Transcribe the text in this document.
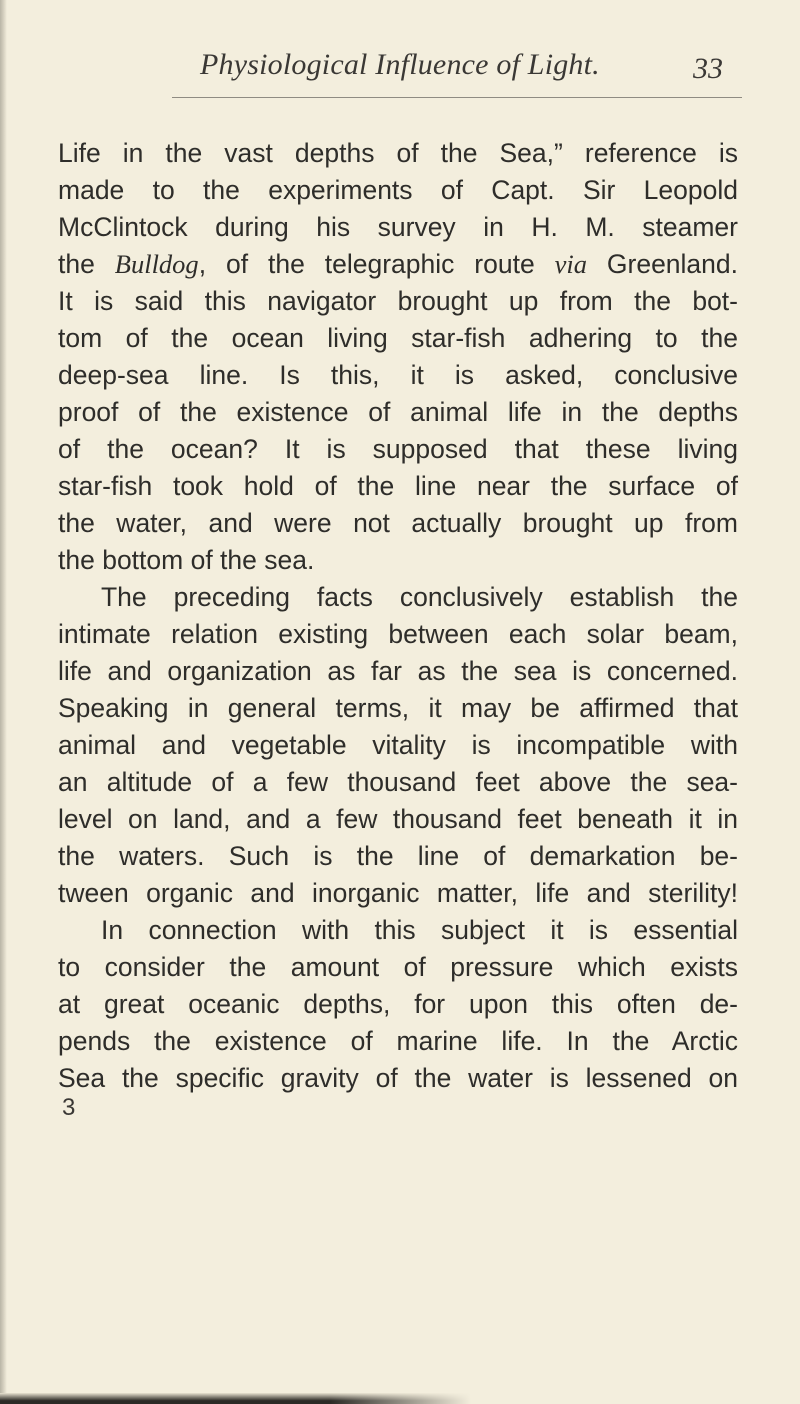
Physiological Influence of Light.	33
Life in the vast depths of the Sea,” reference is
made to the experiments of Capt. Sir Leopold
McClintock during his survey in H. M. steamer
the Bulldog, of the telegraphic route via Greenland.
It is said this navigator brought up from the bot-
tom of the ocean living star-fish adhering to the
deep-sea line. Is this, it is asked, conclusive
proof of the existence of animal life in the depths
of the ocean? It is supposed that these living
star-fish took hold of the line near the surface of
the water, and were not actually brought up from
the bottom of the sea.
The preceding facts conclusively establish the
intimate relation existing between each solar beam,
life and organization as far as the sea is concerned.
Speaking in general terms, it may be affirmed that
animal and vegetable vitality is incompatible with
an altitude of a few thousand feet above the sea-
level on land, and a few thousand feet beneath it in
the waters. Such is the line of demarkation be-
tween organic and inorganic matter, life and sterility!
In connection with this subject it is essential
to consider the amount of pressure which exists
at great oceanic depths, for upon this often de-
pends the existence of marine life. In the Arctic
Sea the specific gravity of the water is lessened on
3
